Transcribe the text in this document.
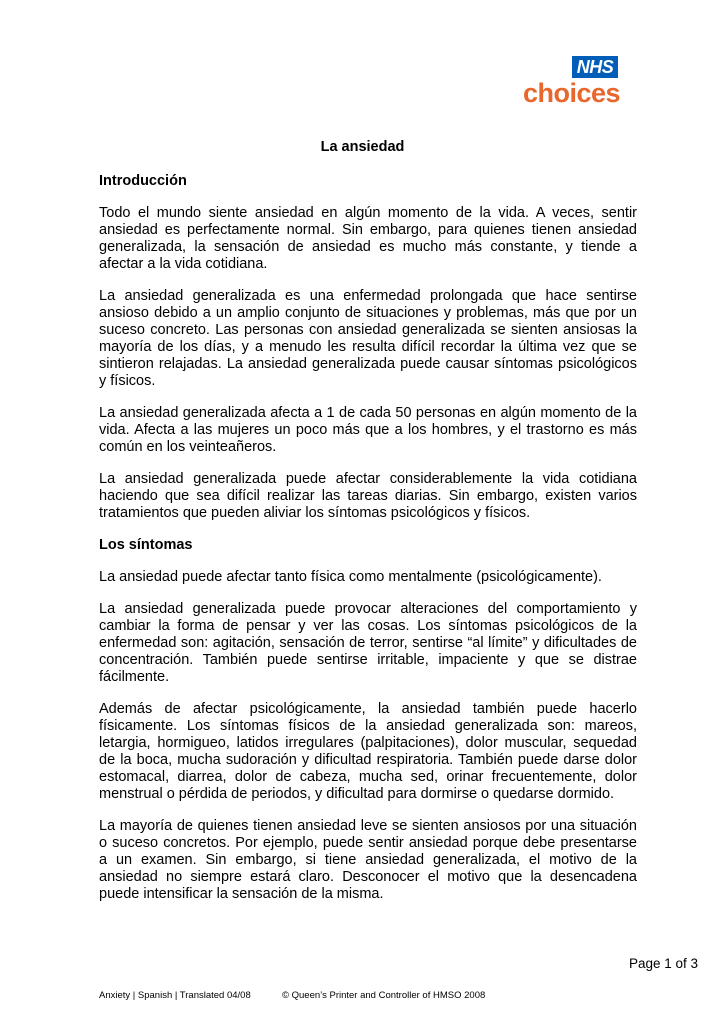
NHS
choices
La ansiedad
Introducción

Todo el mundo siente ansiedad en algún momento de la vida. A veces, sentir ansiedad es perfectamente normal. Sin embargo, para quienes tienen ansiedad generalizada, la sensación de ansiedad es mucho más constante, y tiende a afectar a la vida cotidiana.

La ansiedad generalizada es una enfermedad prolongada que hace sentirse ansioso debido a un amplio conjunto de situaciones y problemas, más que por un suceso concreto. Las personas con ansiedad generalizada se sienten ansiosas la mayoría de los días, y a menudo les resulta difícil recordar la última vez que se sintieron relajadas. La ansiedad generalizada puede causar síntomas psicológicos y físicos.

La ansiedad generalizada afecta a 1 de cada 50 personas en algún momento de la vida. Afecta a las mujeres un poco más que a los hombres, y el trastorno es más común en los veinteañeros.

La ansiedad generalizada puede afectar considerablemente la vida cotidiana haciendo que sea difícil realizar las tareas diarias. Sin embargo, existen varios tratamientos que pueden aliviar los síntomas psicológicos y físicos.

Los síntomas

La ansiedad puede afectar tanto física como mentalmente (psicológicamente).

La ansiedad generalizada puede provocar alteraciones del comportamiento y cambiar la forma de pensar y ver las cosas. Los síntomas psicológicos de la enfermedad son: agitación, sensación de terror, sentirse “al límite” y dificultades de concentración. También puede sentirse irritable, impaciente y que se distrae fácilmente.

Además de afectar psicológicamente, la ansiedad también puede hacerlo físicamente. Los síntomas físicos de la ansiedad generalizada son: mareos, letargia, hormigueo, latidos irregulares (palpitaciones), dolor muscular, sequedad de la boca, mucha sudoración y dificultad respiratoria. También puede darse dolor estomacal, diarrea, dolor de cabeza, mucha sed, orinar frecuentemente, dolor menstrual o pérdida de periodos, y dificultad para dormirse o quedarse dormido.

La mayoría de quienes tienen ansiedad leve se sienten ansiosos por una situación o suceso concretos. Por ejemplo, puede sentir ansiedad porque debe presentarse a un examen. Sin embargo, si tiene ansiedad generalizada, el motivo de la ansiedad no siempre estará claro. Desconocer el motivo que la desencadena puede intensificar la sensación de la misma.

Page 1 of 3
Anxiety | Spanish | Translated 04/08	© Queen’s Printer and Controller of HMSO 2008
